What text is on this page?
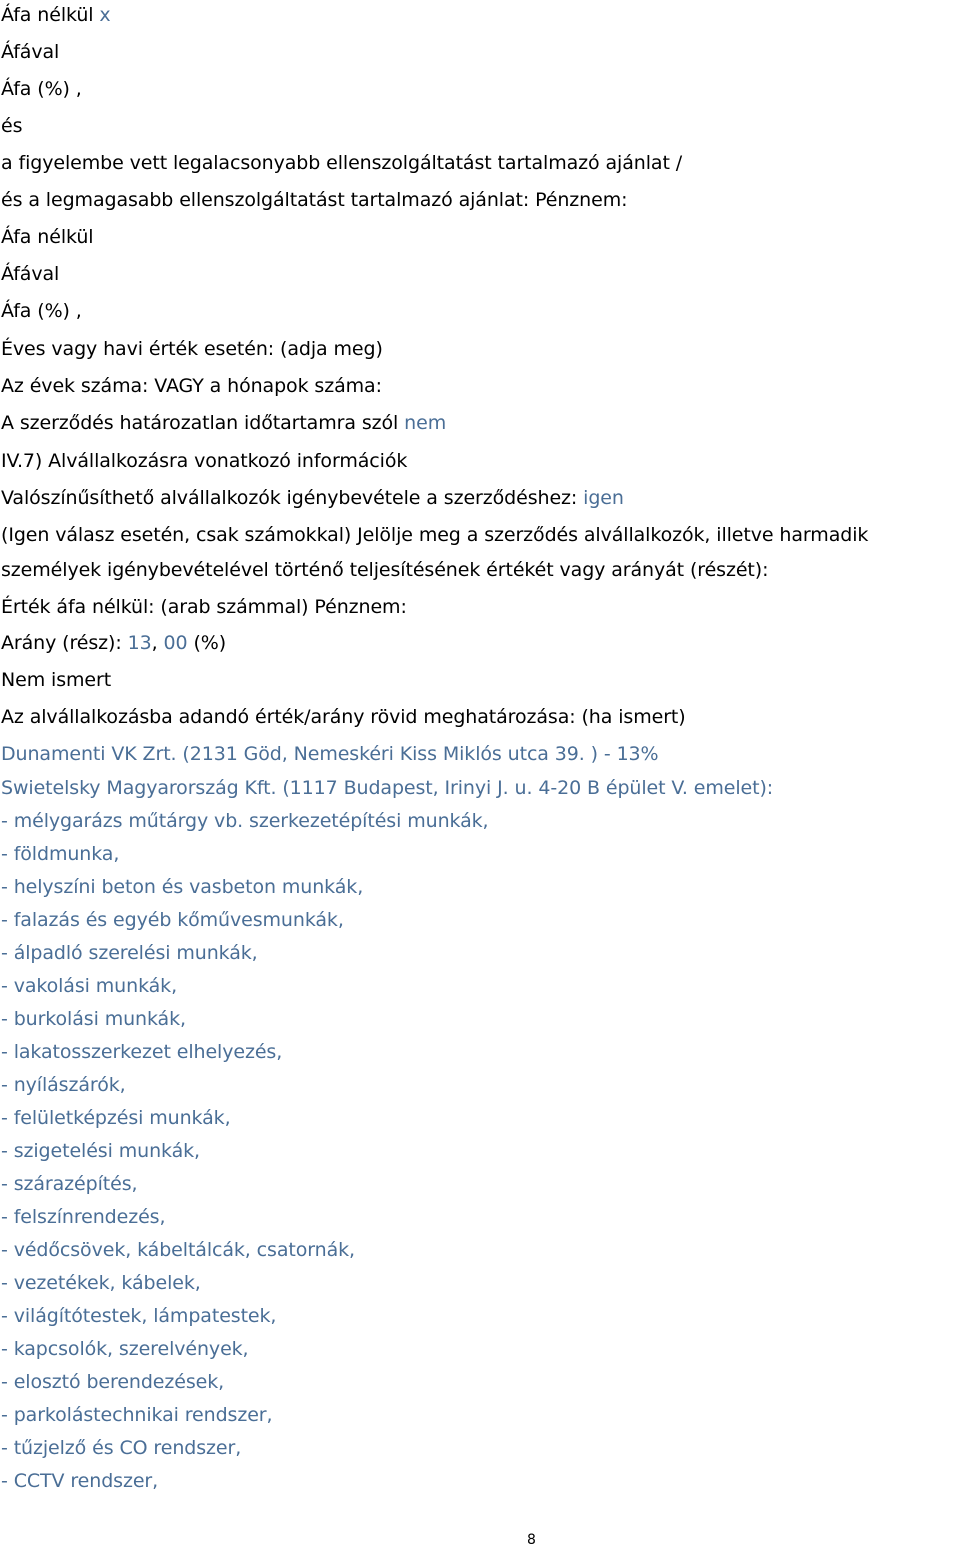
Áfa nélkül x
Áfával
Áfa (%) ,
és
a figyelembe vett legalacsonyabb ellenszolgáltatást tartalmazó ajánlat /
és a legmagasabb ellenszolgáltatást tartalmazó ajánlat: Pénznem:
Áfa nélkül
Áfával
Áfa (%) ,
Éves vagy havi érték esetén: (adja meg)
Az évek száma: VAGY a hónapok száma:
A szerződés határozatlan időtartamra szól nem
IV.7) Alvállalkozásra vonatkozó információk
Valószínűsíthető alvállalkozók igénybevétele a szerződéshez: igen
(Igen válasz esetén, csak számokkal) Jelölje meg a szerződés alvállalkozók, illetve harmadik
személyek igénybevételével történő teljesítésének értékét vagy arányát (részét):
Érték áfa nélkül: (arab számmal) Pénznem:
Arány (rész): 13, 00 (%)
Nem ismert
Az alvállalkozásba adandó érték/arány rövid meghatározása: (ha ismert)
Dunamenti VK Zrt. (2131 Göd, Nemeskéri Kiss Miklós utca 39. ) - 13%
Swietelsky Magyarország Kft. (1117 Budapest, Irinyi J. u. 4-20 B épület V. emelet):
- mélygarázs műtárgy vb. szerkezetépítési munkák,
- földmunka,
- helyszíni beton és vasbeton munkák,
- falazás és egyéb kőművesmunkák,
- álpadló szerelési munkák,
- vakolási munkák,
- burkolási munkák,
- lakatosszerkezet elhelyezés,
- nyílászárók,
- felületképzési munkák,
- szigetelési munkák,
- szárazépítés,
- felszínrendezés,
- védőcsövek, kábeltálcák, csatornák,
- vezetékek, kábelek,
- világítótestek, lámpatestek,
- kapcsolók, szerelvények,
- elosztó berendezések,
- parkolástechnikai rendszer,
- tűzjelző és CO rendszer,
- CCTV rendszer,
8
